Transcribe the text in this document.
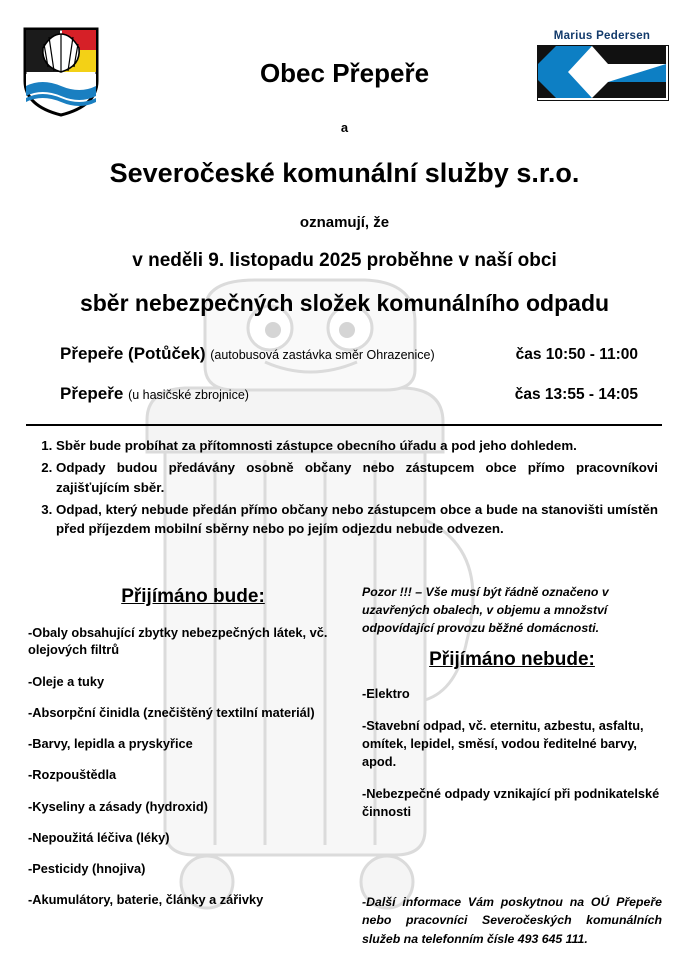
Marius Pedersen
Obec Přepeře
a
Severočeské komunální služby s.r.o.
oznamují, že
v neděli 9. listopadu 2025 proběhne v naší obci
sběr nebezpečných složek komunálního odpadu
Přepeře (Potůček) (autobusová zastávka směr Ohrazenice)	čas 10:50 - 11:00
Přepeře (u hasičské zbrojnice)	čas 13:55 - 14:05
1. Sběr bude probíhat za přítomnosti zástupce obecního úřadu a pod jeho dohledem.
2. Odpady budou předávány osobně občany nebo zástupcem obce přímo pracovníkovi zajišťujícím sběr.
3. Odpad, který nebude předán přímo občany nebo zástupcem obce a bude na stanovišti umístěn před příjezdem mobilní sběrny nebo po jejím odjezdu nebude odvezen.
Přijímáno bude:
-Obaly obsahující zbytky nebezpečných látek, vč. olejových filtrů
-Oleje a tuky
-Absorpční činidla (znečištěný textilní materiál)
-Barvy, lepidla a pryskyřice
-Rozpouštědla
-Kyseliny a zásady (hydroxid)
-Nepoužitá léčiva (léky)
-Pesticidy (hnojiva)
-Akumulátory, baterie, články a zářivky
Pozor !!! – Vše musí být řádně označeno v uzavřených obalech, v objemu a množství odpovídající provozu běžné domácnosti.
Přijímáno nebude:
-Elektro
-Stavební odpad, vč. eternitu, azbestu, asfaltu, omítek, lepidel, směsí, vodou ředitelné barvy, apod.
-Nebezpečné odpady vznikající při podnikatelské činnosti
-Další informace Vám poskytnou na OÚ Přepeře nebo pracovníci Severočeských komunálních služeb na telefonním čísle 493 645 111.
